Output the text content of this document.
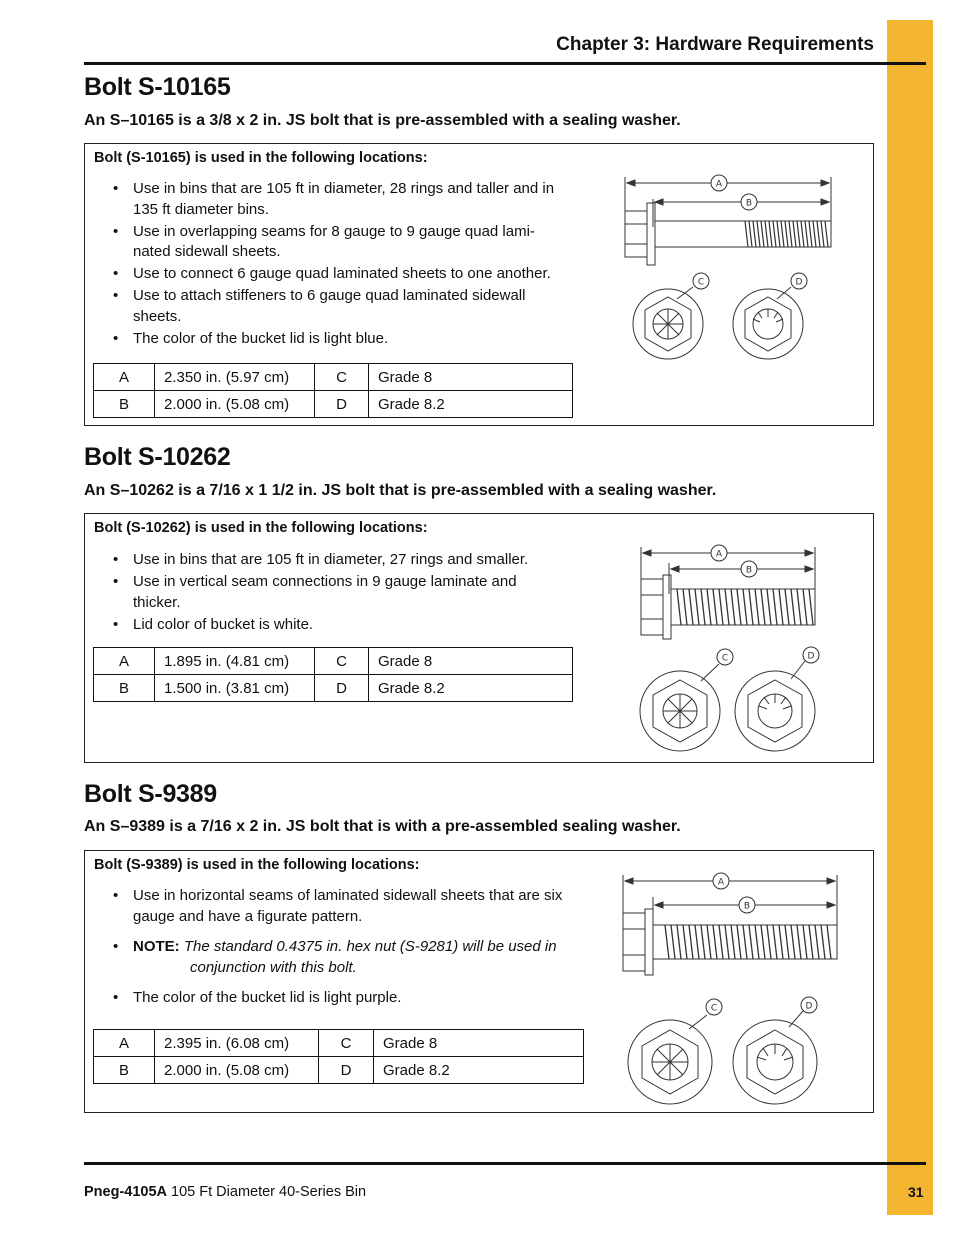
Chapter 3: Hardware Requirements
Bolt S-10165
An S–10165 is a 3/8 x 2 in. JS bolt that is pre-assembled with a sealing washer.
Bolt (S-10165) is used in the following locations:
• Use in bins that are 105 ft in diameter, 28 rings and taller and in 135 ft diameter bins.
• Use in overlapping seams for 8 gauge to 9 gauge quad lami-nated sidewall sheets.
• Use to connect 6 gauge quad laminated sheets to one another.
• Use to attach stiffeners to 6 gauge quad laminated sidewall sheets.
• The color of the bucket lid is light blue.
A	2.350 in. (5.97 cm)	C	Grade 8
B	2.000 in. (5.08 cm)	D	Grade 8.2
A
B
C	D
Bolt S-10262
An S–10262 is a 7/16 x 1 1/2 in. JS bolt that is pre-assembled with a sealing washer.
Bolt (S-10262) is used in the following locations:
• Use in bins that are 105 ft in diameter, 27 rings and smaller.
• Use in vertical seam connections in 9 gauge laminate and thicker.
• Lid color of bucket is white.
A	1.895 in. (4.81 cm)	C	Grade 8
B	1.500 in. (3.81 cm)	D	Grade 8.2
A
B
C	D
Bolt S-9389
An S–9389 is a 7/16 x 2 in. JS bolt that is with a pre-assembled sealing washer.
Bolt (S-9389) is used in the following locations:
• Use in horizontal seams of laminated sidewall sheets that are six gauge and have a figurate pattern.
• NOTE: The standard 0.4375 in. hex nut (S-9281) will be used in conjunction with this bolt.
• The color of the bucket lid is light purple.
A	2.395 in. (6.08 cm)	C	Grade 8
B	2.000 in. (5.08 cm)	D	Grade 8.2
A
B
C	D
Pneg-4105A 105 Ft Diameter 40-Series Bin	31
